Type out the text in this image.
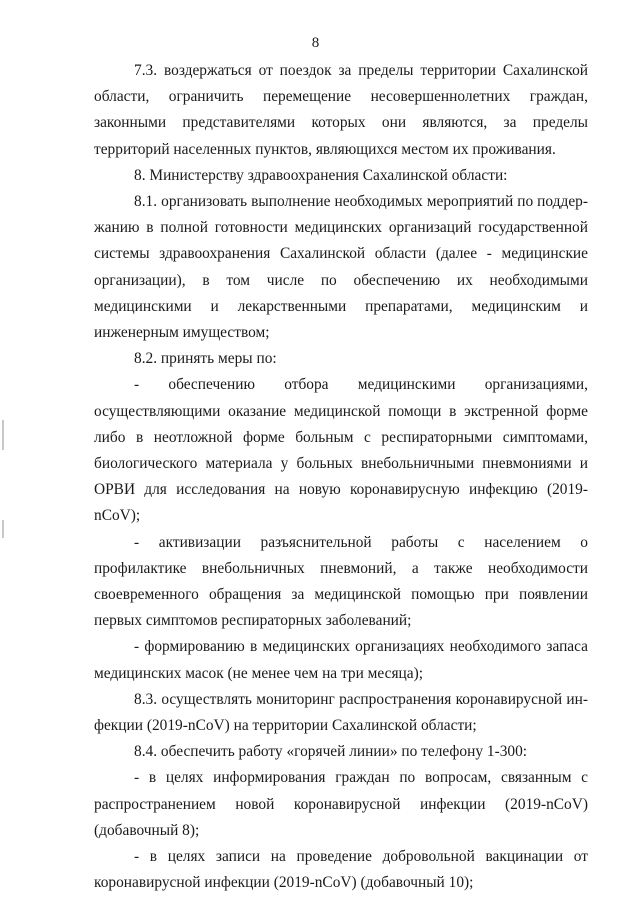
8

7.3. воздержаться от поездок за пределы территории Сахалинской области, ограничить перемещение несовершеннолетних граждан, законными представителями которых они являются, за пределы территорий населенных пунктов, являющихся местом их проживания.

8. Министерству здравоохранения Сахалинской области:

8.1. организовать выполнение необходимых мероприятий по поддержанию в полной готовности медицинских организаций государственной системы здравоохранения Сахалинской области (далее - медицинские организации), в том числе по обеспечению их необходимыми медицинскими и лекарственными препаратами, медицинским и инженерным имуществом;

8.2. принять меры по:

- обеспечению отбора медицинскими организациями, осуществляющими оказание медицинской помощи в экстренной форме либо в неотложной форме больным с респираторными симптомами, биологического материала у больных внебольничными пневмониями и ОРВИ для исследования на новую коронавирусную инфекцию (2019-nCoV);

- активизации разъяснительной работы с населением о профилактике внебольничных пневмоний, а также необходимости своевременного обращения за медицинской помощью при появлении первых симптомов респираторных заболеваний;

- формированию в медицинских организациях необходимого запаса медицинских масок (не менее чем на три месяца);

8.3. осуществлять мониторинг распространения коронавирусной инфекции (2019-nCoV) на территории Сахалинской области;

8.4. обеспечить работу «горячей линии» по телефону 1-300:

- в целях информирования граждан по вопросам, связанным с распространением новой коронавирусной инфекции (2019-nCoV) (добавочный 8);

- в целях записи на проведение добровольной вакцинации от коронавирусной инфекции (2019-nCoV) (добавочный 10);
